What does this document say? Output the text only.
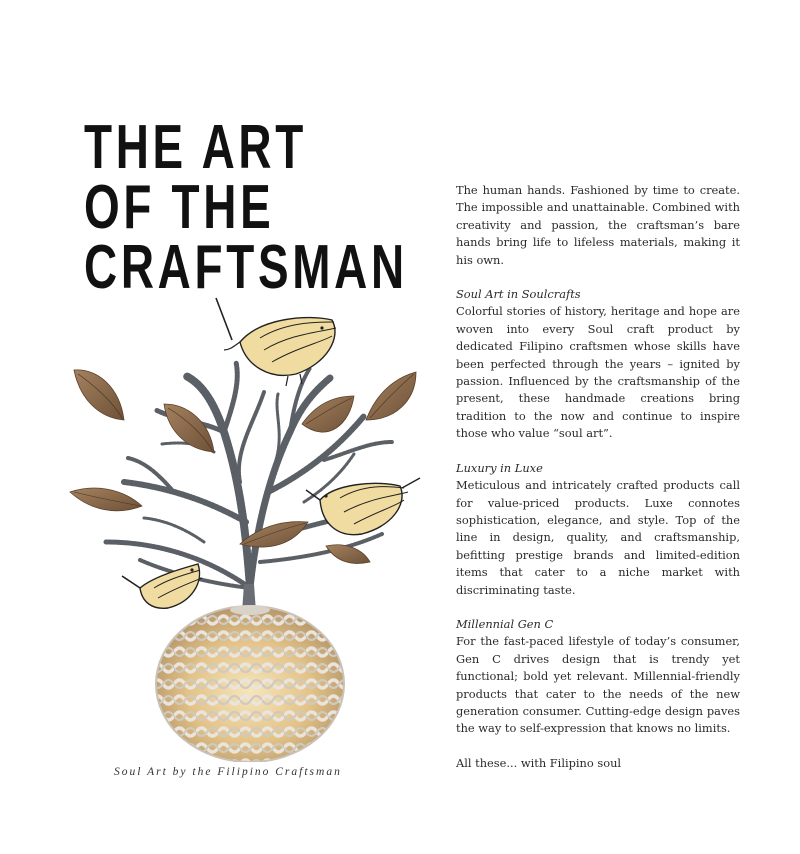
THE ART
OF THE
CRAFTSMAN

Soul Art by the Filipino Craftsman

The human hands. Fashioned by time to create. The impossible and unattainable. Combined with creativity and passion, the craftsman’s bare hands bring life to lifeless materials, making it his own.

Soul Art in Soulcrafts

Colorful stories of history, heritage and hope are woven into every Soul craft product by dedicated Filipino craftsmen whose skills have been perfected through the years – ignited by passion. Influenced by the craftsmanship of the present, these handmade creations bring tradition to the now and continue to inspire those who value “soul art”.

Luxury in Luxe

Meticulous and intricately crafted products call for value-priced products. Luxe connotes sophistication, elegance, and style. Top of the line in design, quality, and craftsmanship, befitting prestige brands and limited-edition items that cater to a niche market with discriminating taste.

Millennial Gen C

For the fast-paced lifestyle of today’s consumer, Gen C drives design that is trendy yet functional; bold yet relevant. Millennial-friendly products that cater to the needs of the new generation consumer. Cutting-edge design paves the way to self-expression that knows no limits.

All these... with Filipino soul
